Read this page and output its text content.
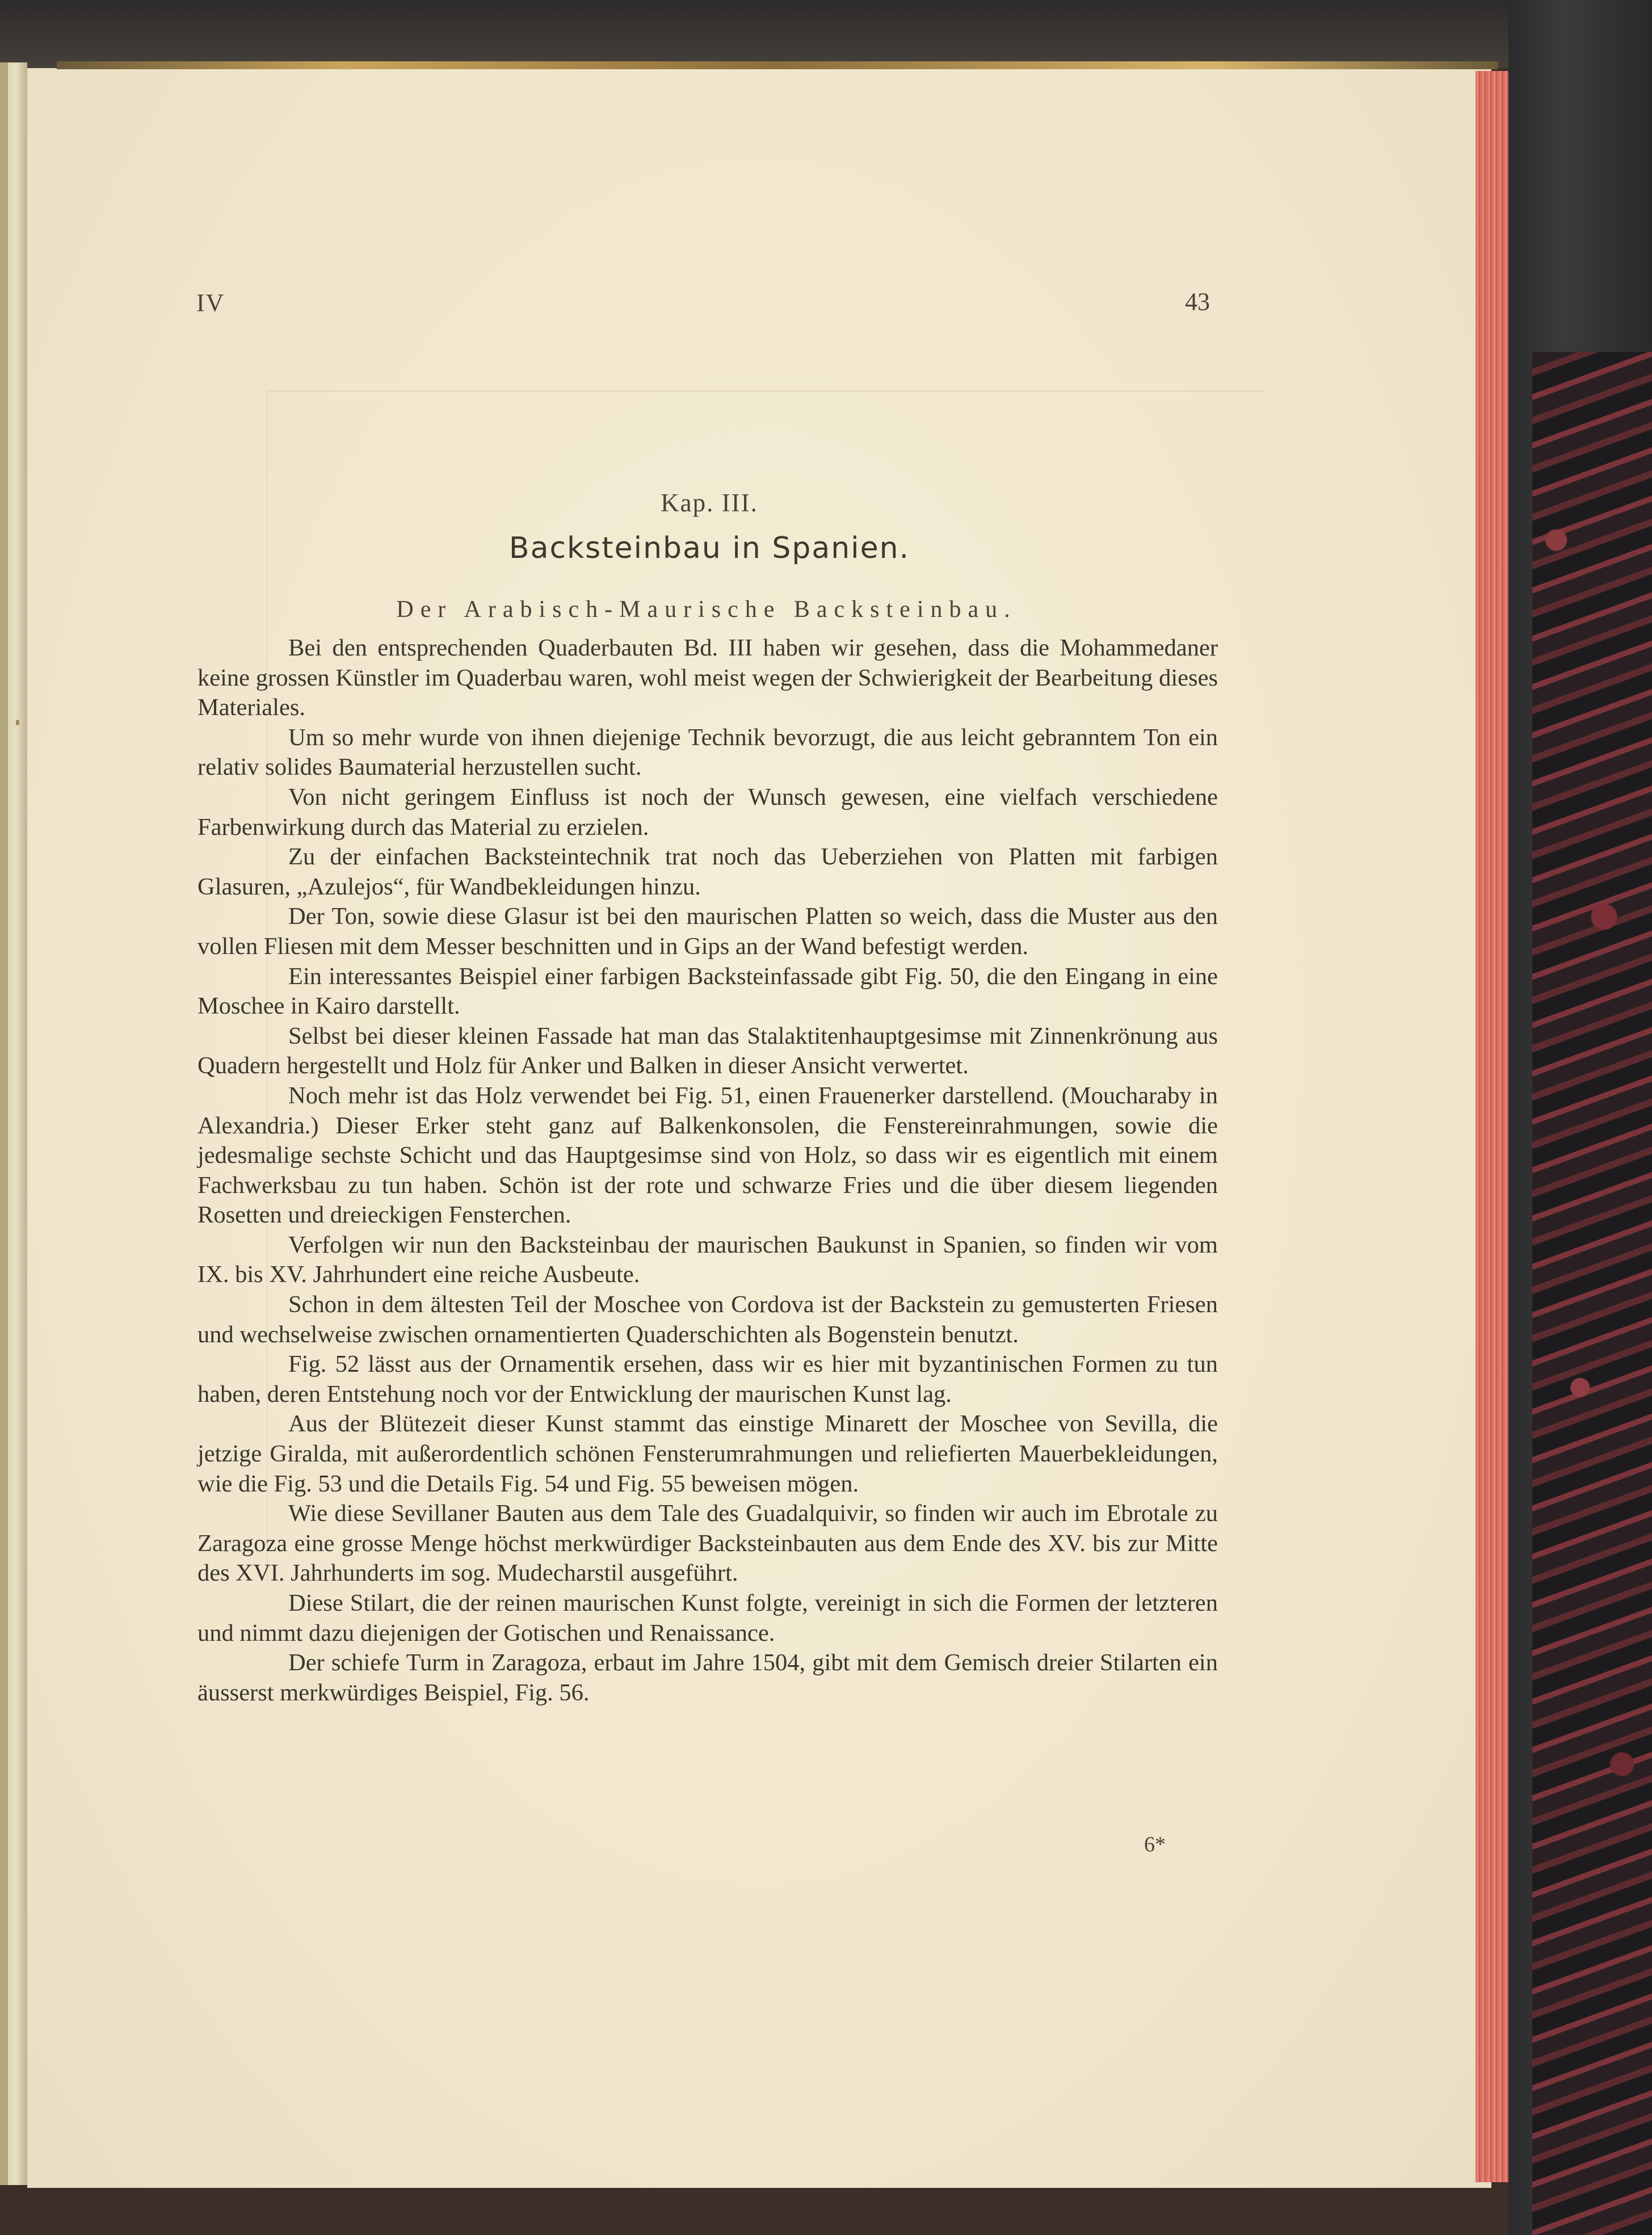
IV	43
Kap. III.
Backsteinbau in Spanien.
Der Arabisch-Maurische Backsteinbau.

Bei den entsprechenden Quaderbauten Bd. III haben wir gesehen, dass die Mohammedaner keine grossen Künstler im Quaderbau waren, wohl meist wegen der Schwierigkeit der Bearbeitung dieses Materiales.

Um so mehr wurde von ihnen diejenige Technik bevorzugt, die aus leicht gebranntem Ton ein relativ solides Baumaterial herzustellen sucht.

Von nicht geringem Einfluss ist noch der Wunsch gewesen, eine vielfach verschiedene Farbenwirkung durch das Material zu erzielen.

Zu der einfachen Backsteintechnik trat noch das Ueberziehen von Platten mit farbigen Glasuren, „Azulejos“, für Wandbekleidungen hinzu.

Der Ton, sowie diese Glasur ist bei den maurischen Platten so weich, dass die Muster aus den vollen Fliesen mit dem Messer beschnitten und in Gips an der Wand befestigt werden.

Ein interessantes Beispiel einer farbigen Backsteinfassade gibt Fig. 50, die den Eingang in eine Moschee in Kairo darstellt.

Selbst bei dieser kleinen Fassade hat man das Stalaktitenhauptgesimse mit Zinnenkrönung aus Quadern hergestellt und Holz für Anker und Balken in dieser Ansicht verwertet.

Noch mehr ist das Holz verwendet bei Fig. 51, einen Frauenerker darstellend. (Moucharaby in Alexandria.) Dieser Erker steht ganz auf Balkenkonsolen, die Fenstereinrahmungen, sowie die jedesmalige sechste Schicht und das Hauptgesimse sind von Holz, so dass wir es eigentlich mit einem Fachwerksbau zu tun haben. Schön ist der rote und schwarze Fries und die über diesem liegenden Rosetten und dreieckigen Fensterchen.

Verfolgen wir nun den Backsteinbau der maurischen Baukunst in Spanien, so finden wir vom IX. bis XV. Jahrhundert eine reiche Ausbeute.

Schon in dem ältesten Teil der Moschee von Cordova ist der Backstein zu gemusterten Friesen und wechselweise zwischen ornamentierten Quaderschichten als Bogenstein benutzt.

Fig. 52 lässt aus der Ornamentik ersehen, dass wir es hier mit byzantinischen Formen zu tun haben, deren Entstehung noch vor der Entwicklung der maurischen Kunst lag.

Aus der Blütezeit dieser Kunst stammt das einstige Minarett der Moschee von Sevilla, die jetzige Giralda, mit außerordentlich schönen Fensterumrahmungen und reliefierten Mauerbekleidungen, wie die Fig. 53 und die Details Fig. 54 und Fig. 55 beweisen mögen.

Wie diese Sevillaner Bauten aus dem Tale des Guadalquivir, so finden wir auch im Ebrotale zu Zaragoza eine grosse Menge höchst merkwürdiger Backsteinbauten aus dem Ende des XV. bis zur Mitte des XVI. Jahrhunderts im sog. Mudecharstil ausgeführt.

Diese Stilart, die der reinen maurischen Kunst folgte, vereinigt in sich die Formen der letzteren und nimmt dazu diejenigen der Gotischen und Renaissance.

Der schiefe Turm in Zaragoza, erbaut im Jahre 1504, gibt mit dem Gemisch dreier Stilarten ein äusserst merkwürdiges Beispiel, Fig. 56.

6*
